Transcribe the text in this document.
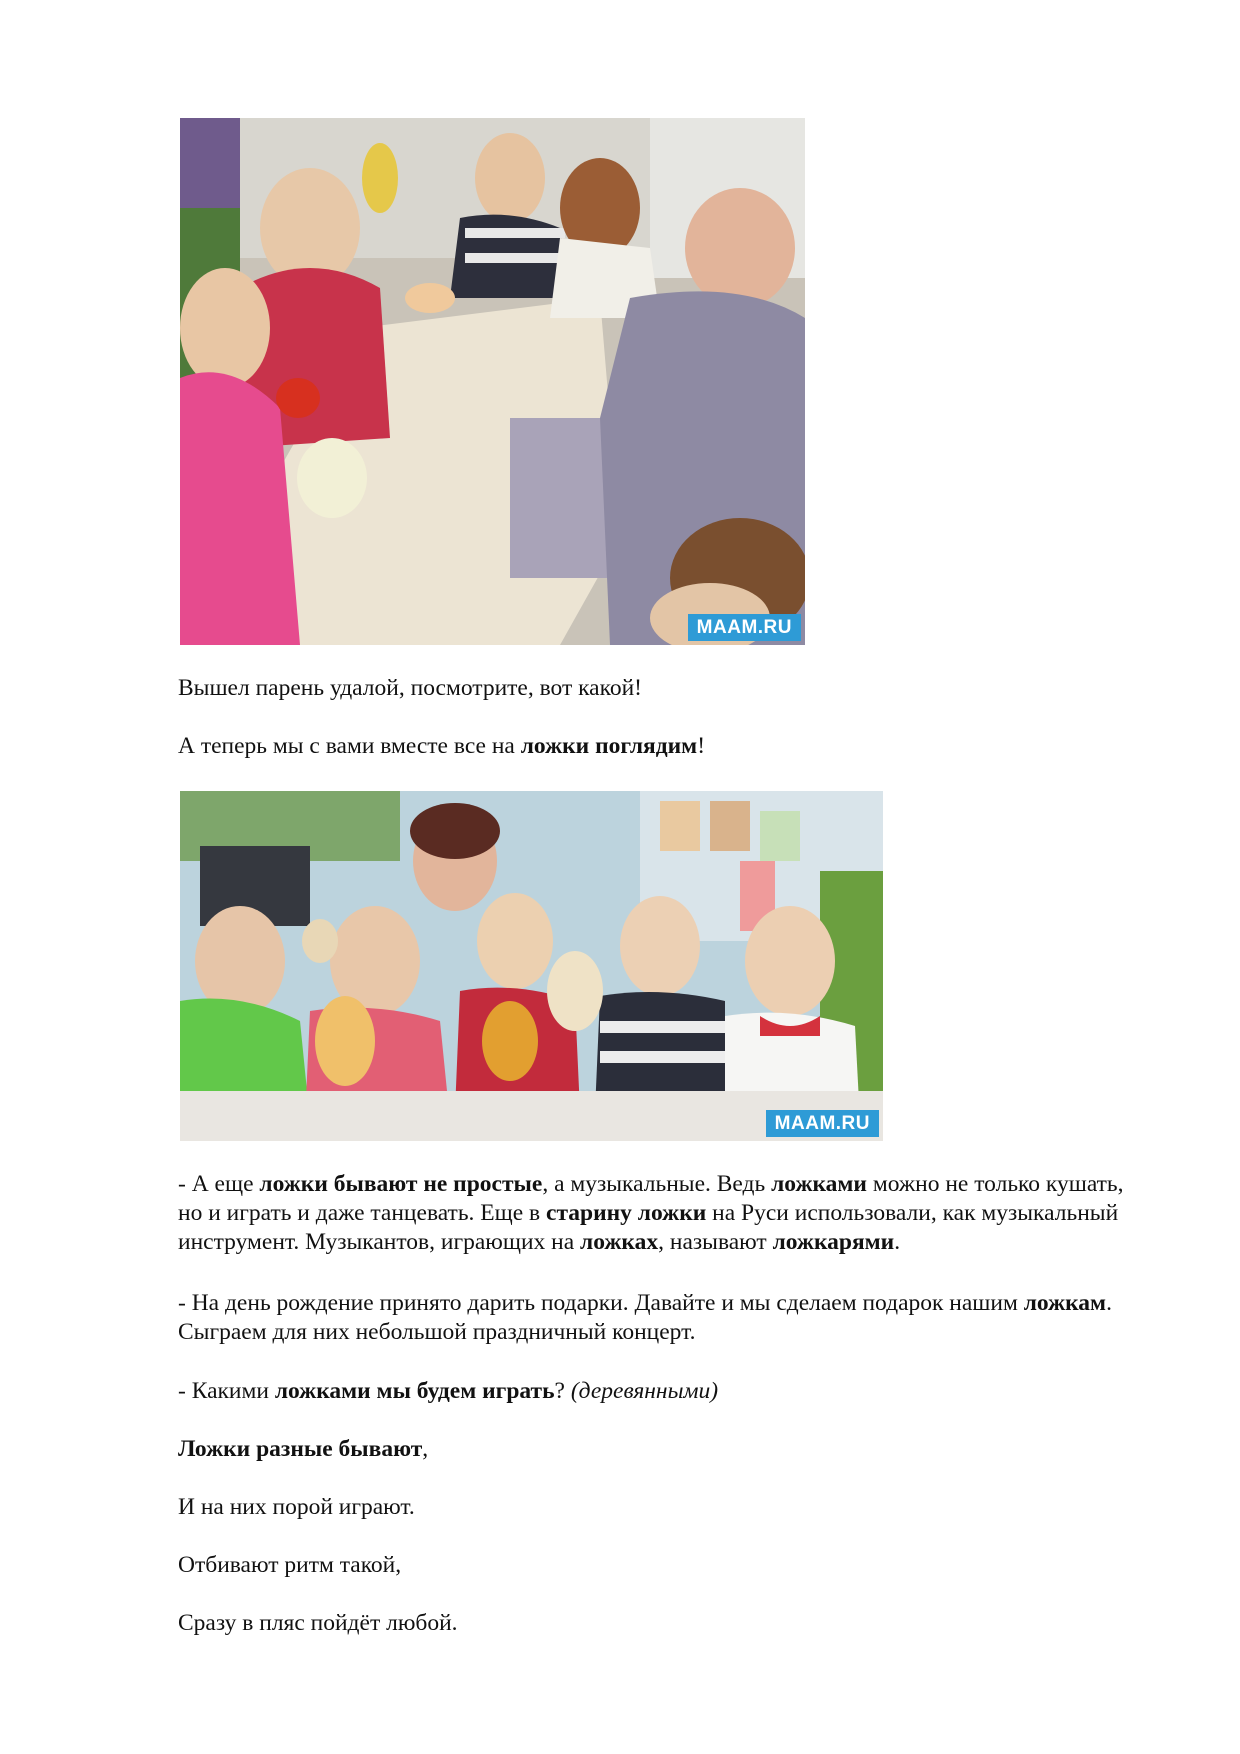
MAAM.RU

Вышел парень удалой, посмотрите, вот какой!

А теперь мы с вами вместе все на ложки поглядим!

MAAM.RU

- А еще ложки бывают не простые, а музыкальные. Ведь ложками можно не только кушать, но и играть и даже танцевать. Еще в старину ложки на Руси использовали, как музыкальный инструмент. Музыкантов, играющих на ложках, называют ложкарями.

- На день рождение принято дарить подарки. Давайте и мы сделаем подарок нашим ложкам. Сыграем для них небольшой праздничный концерт.

- Какими ложками мы будем играть? (деревянными)

Ложки разные бывают,

И на них порой играют.

Отбивают ритм такой,

Сразу в пляс пойдёт любой.
